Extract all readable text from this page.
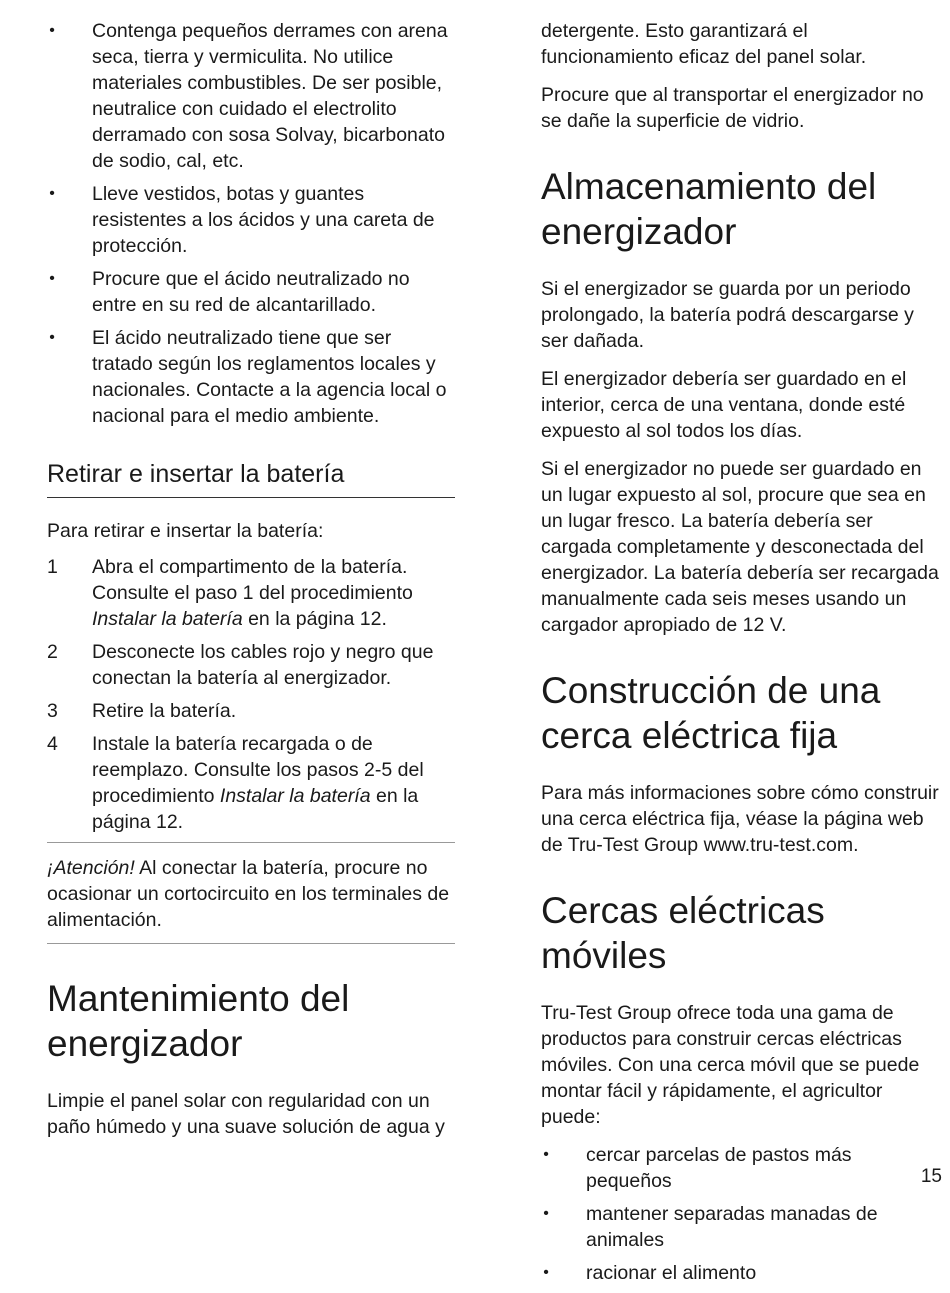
• Contenga pequeños derrames con arena seca, tierra y vermiculita. No utilice materiales combustibles. De ser posible, neutralice con cuidado el electrolito derramado con sosa Solvay, bicarbonato de sodio, cal, etc.
• Lleve vestidos, botas y guantes resistentes a los ácidos y una careta de protección.
• Procure que el ácido neutralizado no entre en su red de alcantarillado.
• El ácido neutralizado tiene que ser tratado según los reglamentos locales y nacionales. Contacte a la agencia local o nacional para el medio ambiente.
Retirar e insertar la batería

Para retirar e insertar la batería:

1 Abra el compartimento de la batería. Consulte el paso 1 del procedimiento Instalar la batería en la página 12.
2 Desconecte los cables rojo y negro que conectan la batería al energizador.
3 Retire la batería.
4 Instale la batería recargada o de reemplazo. Consulte los pasos 2-5 del procedimiento Instalar la batería en la página 12.

¡Atención! Al conectar la batería, procure no ocasionar un cortocircuito en los terminales de alimentación.

Mantenimiento del energizador

Limpie el panel solar con regularidad con un paño húmedo y una suave solución de agua y

detergente. Esto garantizará el funcionamiento eficaz del panel solar.

Procure que al transportar el energizador no se dañe la superficie de vidrio.

Almacenamiento del energizador

Si el energizador se guarda por un periodo prolongado, la batería podrá descargarse y ser dañada.

El energizador debería ser guardado en el interior, cerca de una ventana, donde esté expuesto al sol todos los días.

Si el energizador no puede ser guardado en un lugar expuesto al sol, procure que sea en un lugar fresco. La batería debería ser cargada completamente y desconectada del energizador. La batería debería ser recargada manualmente cada seis meses usando un cargador apropiado de 12 V.

Construcción de una cerca eléctrica fija

Para más informaciones sobre cómo construir una cerca eléctrica fija, véase la página web de Tru-Test Group www.tru-test.com.

Cercas eléctricas móviles

Tru-Test Group ofrece toda una gama de productos para construir cercas eléctricas móviles. Con una cerca móvil que se puede montar fácil y rápidamente, el agricultor puede:

• cercar parcelas de pastos más pequeños
• mantener separadas manadas de animales
• racionar el alimento
15
